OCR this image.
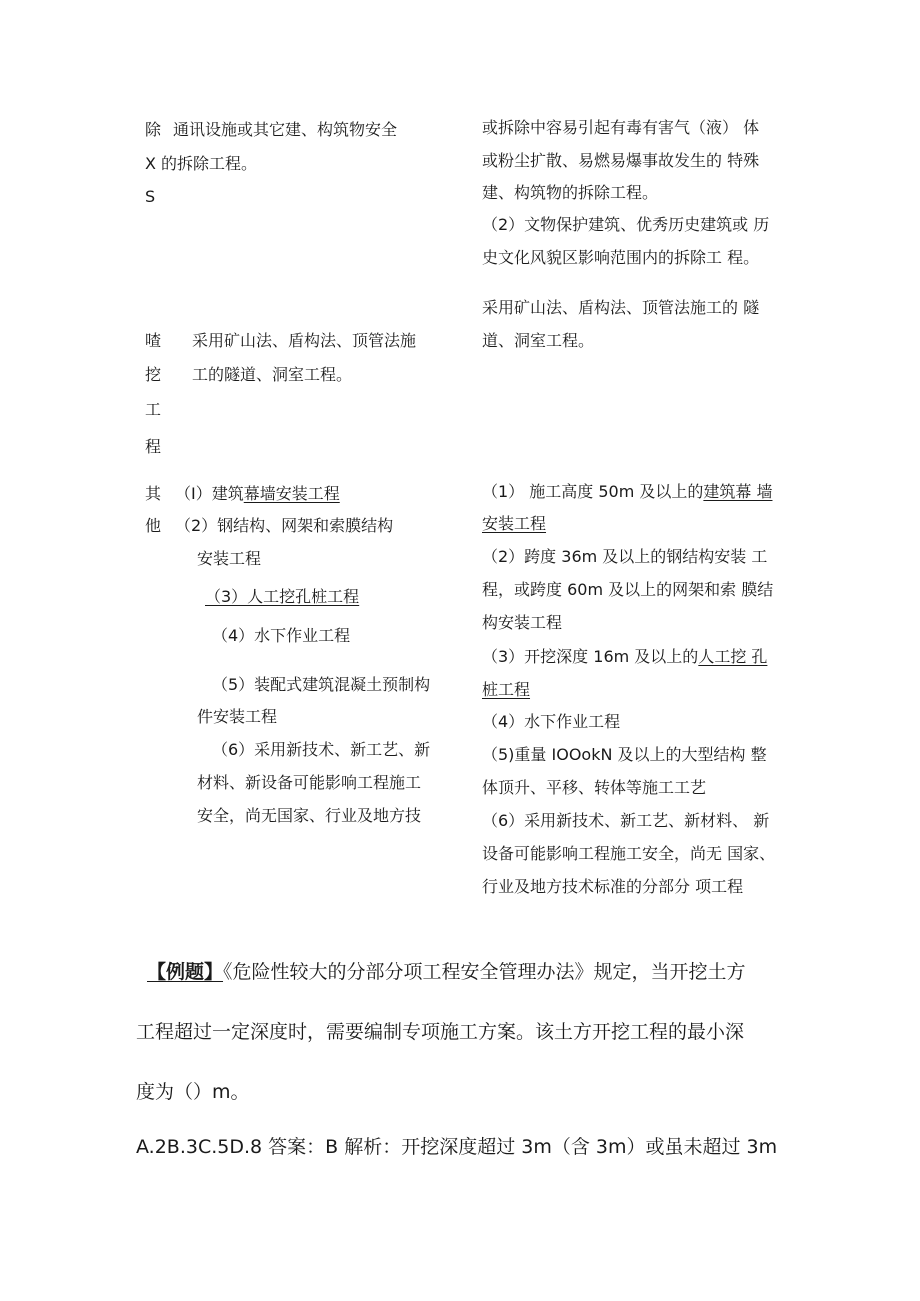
除 通讯设施或其它建、构筑物安全
X 的拆除工程。
S
或拆除中容易引起有毒有害气（液） 体
或粉尘扩散、易燃易爆事故发生的 特殊
建、构筑物的拆除工程。
（2）文物保护建筑、优秀历史建筑或 历
史文化风貌区影响范围内的拆除工 程。
采用矿山法、盾构法、顶管法施工的 隧
道、洞室工程。
喳
挖
工
程
采用矿山法、盾构法、顶管法施
工的隧道、洞室工程。
其
他
（I）建筑幕墙安装工程
（2）钢结构、网架和索膜结构
安装工程
（3）人工挖孔桩工程
（4）水下作业工程
（5）装配式建筑混凝土预制构
件安装工程
（6）采用新技术、新工艺、新
材料、新设备可能影响工程施工
安全，尚无国家、行业及地方技
（1） 施工高度 50m 及以上的建筑幕 墙
安装工程
（2）跨度 36m 及以上的钢结构安装 工
程，或跨度 60m 及以上的网架和索 膜结
构安装工程
（3）开挖深度 16m 及以上的人工挖 孔
桩工程
（4）水下作业工程
（5)重量 IOOokN 及以上的大型结构 整
体顶升、平移、转体等施工工艺
（6）采用新技术、新工艺、新材料、 新
设备可能影响工程施工安全，尚无 国家、
行业及地方技术标准的分部分 项工程
【例题】《危险性较大的分部分项工程安全管理办法》规定，当开挖土方
工程超过一定深度时，需要编制专项施工方案。该土方开挖工程的最小深
度为（）m。
A.2B.3C.5D.8 答案：B 解析：开挖深度超过 3m（含 3m）或虽未超过 3m
